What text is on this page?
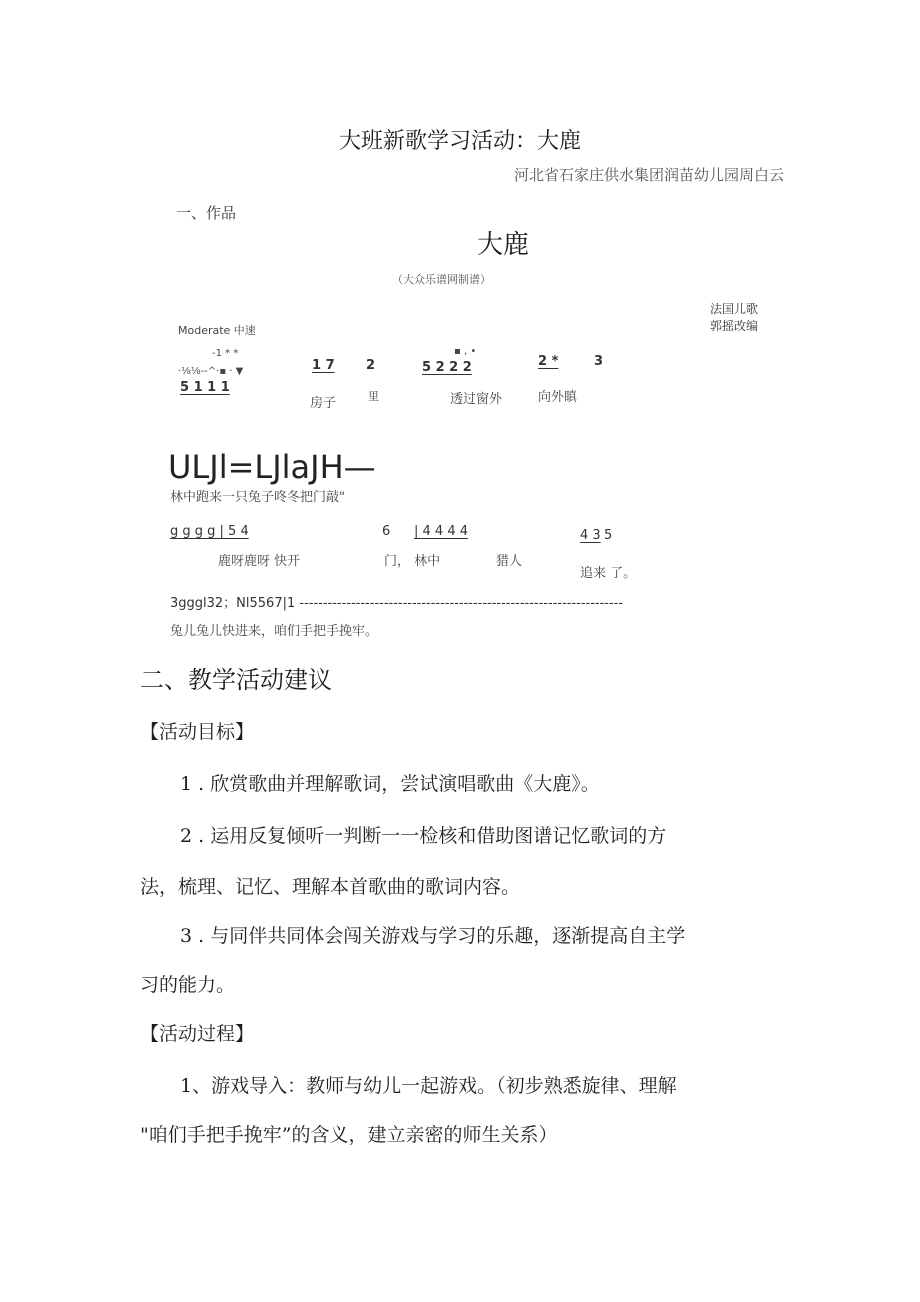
大班新歌学习活动：大鹿
河北省石家庄供水集团润苗幼儿园周白云
一、作品
大鹿
（大众乐谱网制谱）
法国儿歌
郭摇改编
Moderate 中速
-1 * *
·⅛⅛--^·▪ · ▼
5 1 1 1
1 7 2
▪ , •
5 2 2 2	2 *	3
房子	里	透过窗外	向外瞋
ULJl=LJlaJH—
林中跑来一只兔子咚冬把门敲"
g g g g | 5 4	6 | 4 4 4 4	4 3 5
鹿呀鹿呀 快开	门， 林中	猎人
追来 了。
3gggl32；Nl5567|1 ---------------------------------------------------------------------
兔儿兔儿快进来，咱们手把手挽牢。
二、教学活动建议
【活动目标】
1 . 欣赏歌曲并理解歌词，尝试演唱歌曲《大鹿》。
2 . 运用反复倾听一判断一一检核和借助图谱记忆歌词的方
法，梳理、记忆、理解本首歌曲的歌词内容。
3 . 与同伴共同体会闯关游戏与学习的乐趣，逐渐提高自主学
习的能力。
【活动过程】
1、游戏导入：教师与幼儿一起游戏。（初步熟悉旋律、理解
"咱们手把手挽牢”的含义，建立亲密的师生关系）
